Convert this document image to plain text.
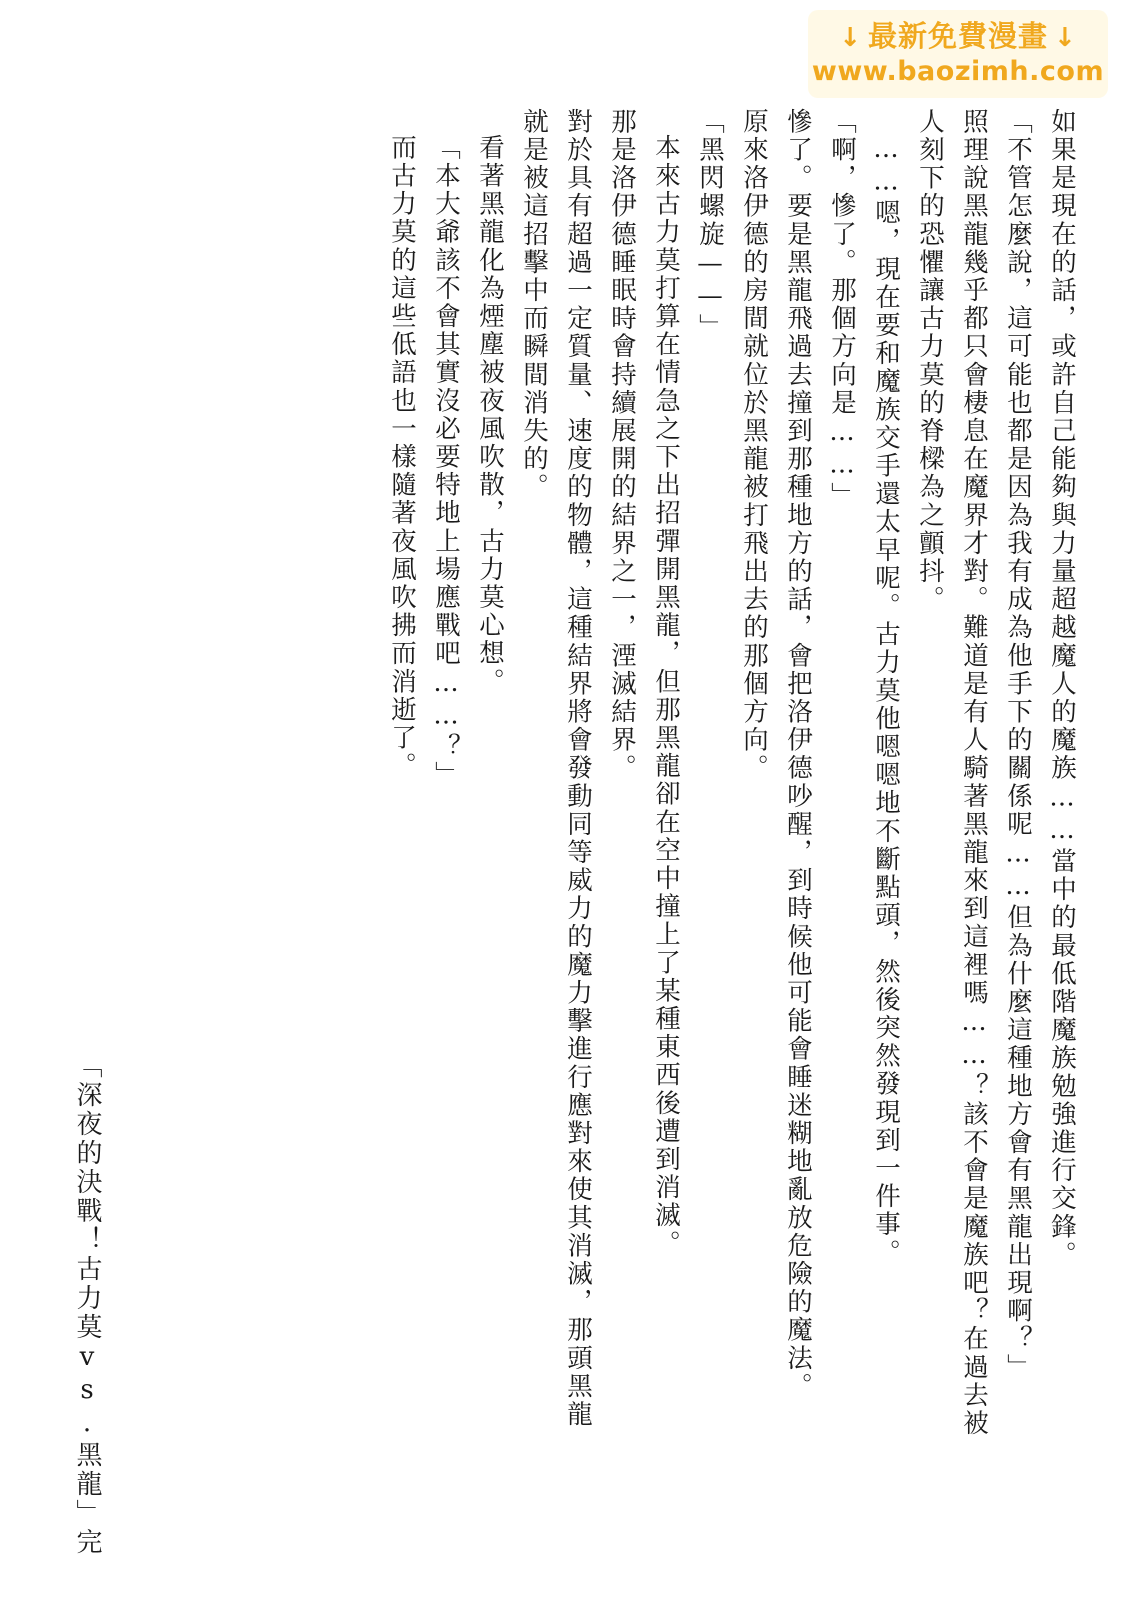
↓ 最新免費漫畫 ↓
www.baozimh.com
如果是現在的話，或許自己能夠與力量超越魔人的魔族……當中的最低階魔族勉強進行交鋒。
「不管怎麼說，這可能也都是因為我有成為他手下的關係呢……但為什麼這種地方會有黑龍出現啊？」
照理說黑龍幾乎都只會棲息在魔界才對。難道是有人騎著黑龍來到這裡嗎……？該不會是魔族吧？在過去被
人刻下的恐懼讓古力莫的脊樑為之顫抖。
……嗯，現在要和魔族交手還太早呢。古力莫他嗯嗯地不斷點頭，然後突然發現到一件事。
「啊，慘了。那個方向是……」
慘了。要是黑龍飛過去撞到那種地方的話，會把洛伊德吵醒，到時候他可能會睡迷糊地亂放危險的魔法。
原來洛伊德的房間就位於黑龍被打飛出去的那個方向。
「黑閃螺旋——」
本來古力莫打算在情急之下出招彈開黑龍，但那黑龍卻在空中撞上了某種東西後遭到消滅。
那是洛伊德睡眠時會持續展開的結界之一，湮滅結界。
對於具有超過一定質量、速度的物體，這種結界將會發動同等威力的魔力擊進行應對來使其消滅，那頭黑龍
就是被這招擊中而瞬間消失的。
看著黑龍化為煙塵被夜風吹散，古力莫心想。
「本大爺該不會其實沒必要特地上場應戰吧……？」
而古力莫的這些低語也一樣隨著夜風吹拂而消逝了。
「深夜的決戰！古力莫vs.黑龍」完
